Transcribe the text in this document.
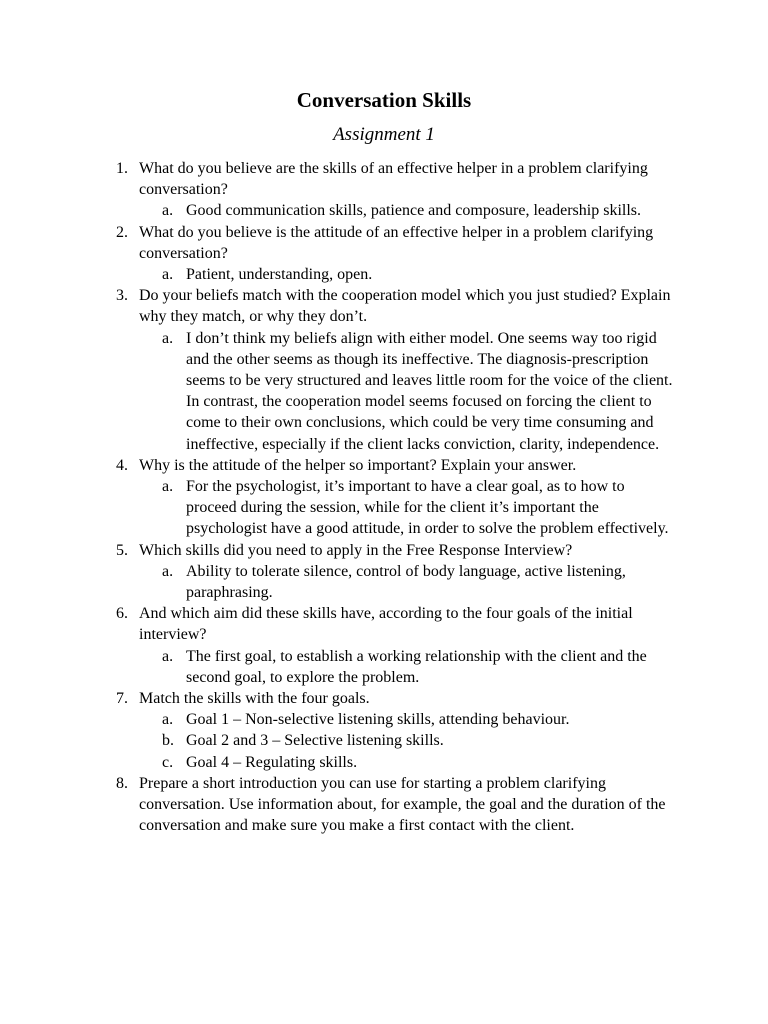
Conversation Skills
Assignment 1
1. What do you believe are the skills of an effective helper in a problem clarifying conversation?
a. Good communication skills, patience and composure, leadership skills.
2. What do you believe is the attitude of an effective helper in a problem clarifying conversation?
a. Patient, understanding, open.
3. Do your beliefs match with the cooperation model which you just studied? Explain why they match, or why they don’t.
a. I don’t think my beliefs align with either model. One seems way too rigid and the other seems as though its ineffective. The diagnosis-prescription seems to be very structured and leaves little room for the voice of the client. In contrast, the cooperation model seems focused on forcing the client to come to their own conclusions, which could be very time consuming and ineffective, especially if the client lacks conviction, clarity, independence.
4. Why is the attitude of the helper so important? Explain your answer.
a. For the psychologist, it’s important to have a clear goal, as to how to proceed during the session, while for the client it’s important the psychologist have a good attitude, in order to solve the problem effectively.
5. Which skills did you need to apply in the Free Response Interview?
a. Ability to tolerate silence, control of body language, active listening, paraphrasing.
6. And which aim did these skills have, according to the four goals of the initial interview?
a. The first goal, to establish a working relationship with the client and the second goal, to explore the problem.
7. Match the skills with the four goals.
a. Goal 1 – Non-selective listening skills, attending behaviour.
b. Goal 2 and 3 – Selective listening skills.
c. Goal 4 – Regulating skills.
8. Prepare a short introduction you can use for starting a problem clarifying conversation. Use information about, for example, the goal and the duration of the conversation and make sure you make a first contact with the client.
